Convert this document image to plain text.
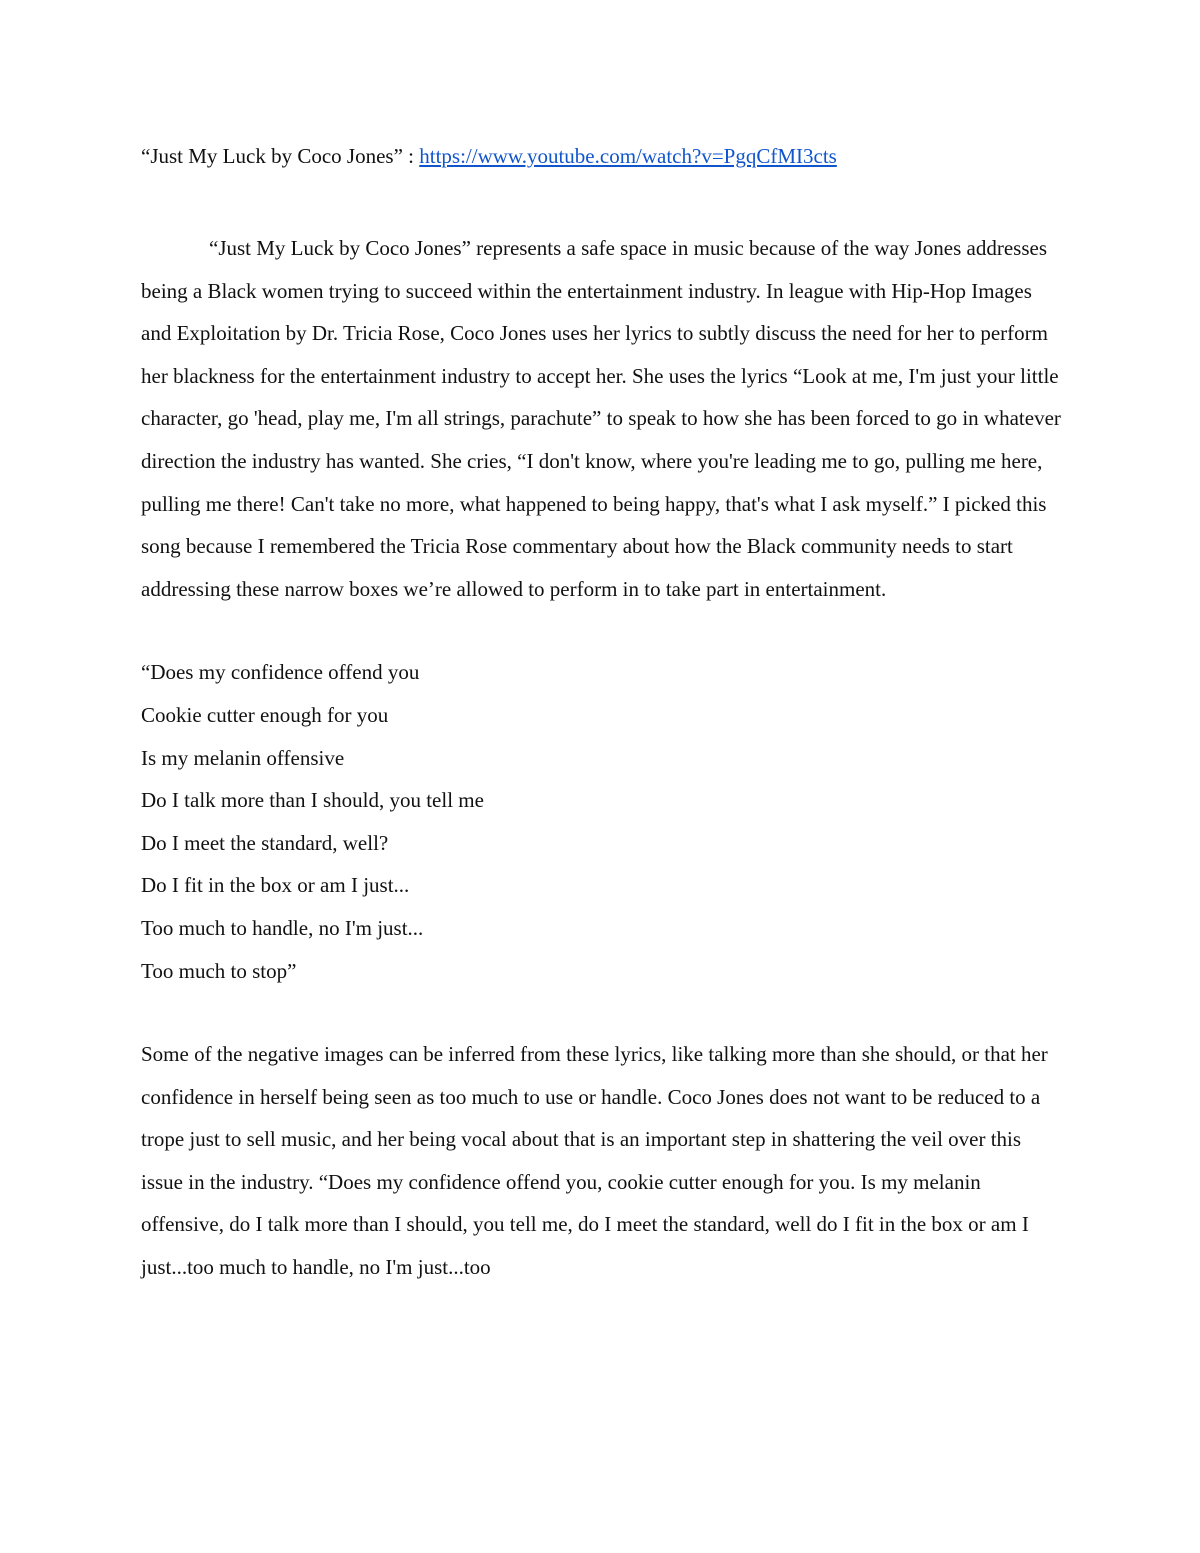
“Just My Luck by Coco Jones” : https://www.youtube.com/watch?v=PgqCfMI3cts

“Just My Luck by Coco Jones” represents a safe space in music because of the way Jones addresses being a Black women trying to succeed within the entertainment industry. In league with Hip-Hop Images and Exploitation by Dr. Tricia Rose, Coco Jones uses her lyrics to subtly discuss the need for her to perform her blackness for the entertainment industry to accept her. She uses the lyrics “Look at me, I'm just your little character, go 'head, play me, I'm all strings, parachute” to speak to how she has been forced to go in whatever direction the industry has wanted. She cries, “I don't know, where you're leading me to go, pulling me here, pulling me there! Can't take no more, what happened to being happy, that's what I ask myself.” I picked this song because I remembered the Tricia Rose commentary about how the Black community needs to start addressing these narrow boxes we’re allowed to perform in to take part in entertainment.

“Does my confidence offend you

Cookie cutter enough for you

Is my melanin offensive

Do I talk more than I should, you tell me

Do I meet the standard, well?

Do I fit in the box or am I just...

Too much to handle, no I'm just...

Too much to stop”

Some of the negative images can be inferred from these lyrics, like talking more than she should, or that her confidence in herself being seen as too much to use or handle. Coco Jones does not want to be reduced to a trope just to sell music, and her being vocal about that is an important step in shattering the veil over this issue in the industry. “Does my confidence offend you, cookie cutter enough for you. Is my melanin offensive, do I talk more than I should, you tell me, do I meet the standard, well do I fit in the box or am I just...too much to handle, no I'm just...too
